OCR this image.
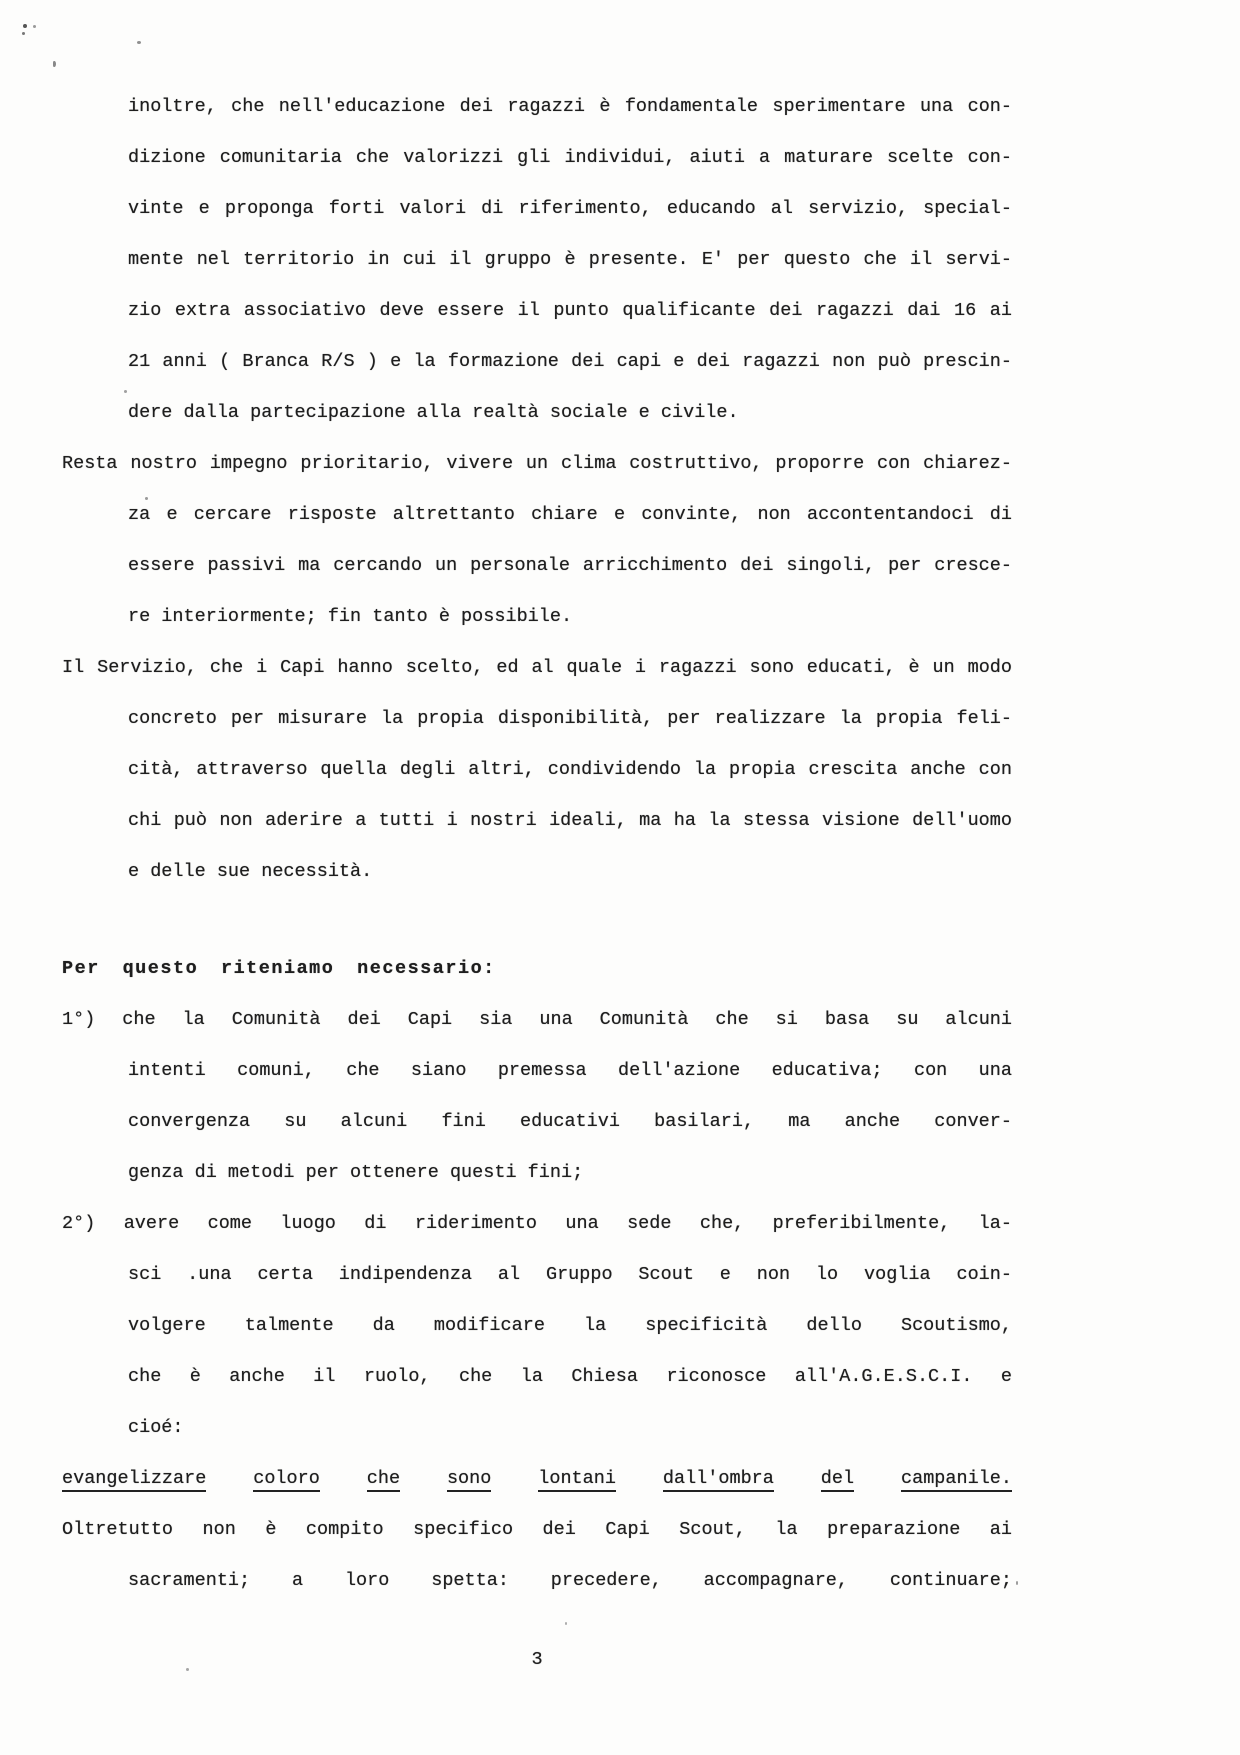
inoltre, che nell'educazione dei ragazzi è fondamentale sperimentare una con-
dizione comunitaria che valorizzi gli individui, aiuti a maturare scelte con-
vinte e proponga forti valori di riferimento, educando al servizio, special-
mente nel territorio in cui il gruppo è presente. E' per questo che il servi-
zio extra associativo deve essere il punto qualificante dei ragazzi dai 16 ai
21 anni ( Branca R/S ) e la formazione dei capi e dei ragazzi non può prescin-
dere dalla partecipazione alla realtà sociale e civile.
Resta nostro impegno prioritario, vivere un clima costruttivo, proporre con chiarez-
za e cercare risposte altrettanto chiare e convinte, non accontentandoci di
essere passivi ma cercando un personale arricchimento dei singoli, per cresce-
re interiormente; fin tanto è possibile.
Il Servizio, che i Capi hanno scelto, ed al quale i ragazzi sono educati, è un modo
concreto per misurare la propia disponibilità, per realizzare la propia feli-
cità, attraverso quella degli altri, condividendo la propia crescita anche con
chi può non aderire a tutti i nostri ideali, ma ha la stessa visione dell'uomo
e delle sue necessità.
Per questo riteniamo necessario:
1°) che la Comunità dei Capi sia una Comunità che si basa su alcuni
intenti comuni, che siano premessa dell'azione educativa; con una
convergenza su alcuni fini educativi basilari, ma anche conver-
genza di metodi per ottenere questi fini;
2°) avere come luogo di riderimento una sede che, preferibilmente, la-
sci .una certa indipendenza al Gruppo Scout e non lo voglia coin-
volgere talmente da modificare la specificità dello Scoutismo,
che è anche il ruolo, che la Chiesa riconosce all'A.G.E.S.C.I. e
cioé:
evangelizzare	coloro	che	sono	lontani	dall'ombra	del	campanile.
Oltretutto non è compito specifico dei Capi Scout, la preparazione ai
sacramenti; a loro spetta: precedere, accompagnare, continuare;
3
